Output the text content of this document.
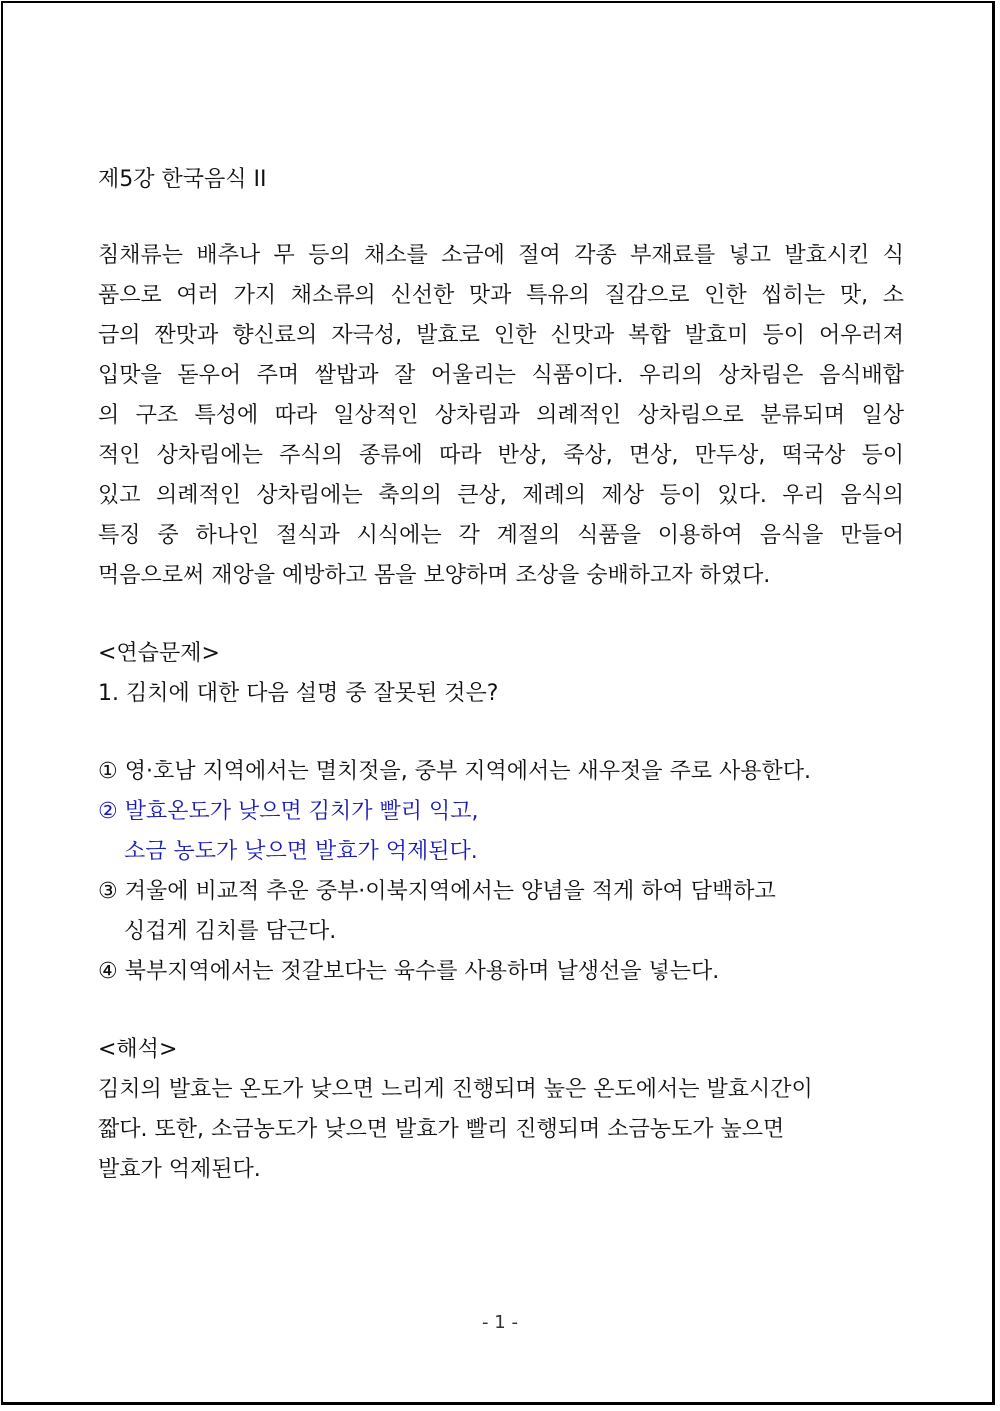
제5강 한국음식 II
침채류는 배추나 무 등의 채소를 소금에 절여 각종 부재료를 넣고 발효시킨 식
품으로 여러 가지 채소류의 신선한 맛과 특유의 질감으로 인한 씹히는 맛, 소
금의 짠맛과 향신료의 자극성, 발효로 인한 신맛과 복합 발효미 등이 어우러져
입맛을 돋우어 주며 쌀밥과 잘 어울리는 식품이다. 우리의 상차림은 음식배합
의 구조 특성에 따라 일상적인 상차림과 의례적인 상차림으로 분류되며 일상
적인 상차림에는 주식의 종류에 따라 반상, 죽상, 면상, 만두상, 떡국상 등이
있고 의례적인 상차림에는 축의의 큰상, 제례의 제상 등이 있다. 우리 음식의
특징 중 하나인 절식과 시식에는 각 계절의 식품을 이용하여 음식을 만들어
먹음으로써 재앙을 예방하고 몸을 보양하며 조상을 숭배하고자 하였다.
<연습문제>
1. 김치에 대한 다음 설명 중 잘못된 것은?
① 영·호남 지역에서는 멸치젓을, 중부 지역에서는 새우젓을 주로 사용한다.
② 발효온도가 낮으면 김치가 빨리 익고,
소금 농도가 낮으면 발효가 억제된다.
③ 겨울에 비교적 추운 중부·이북지역에서는 양념을 적게 하여 담백하고
싱겁게 김치를 담근다.
④ 북부지역에서는 젓갈보다는 육수를 사용하며 날생선을 넣는다.
<해석>
김치의 발효는 온도가 낮으면 느리게 진행되며 높은 온도에서는 발효시간이
짧다. 또한, 소금농도가 낮으면 발효가 빨리 진행되며 소금농도가 높으면
발효가 억제된다.
- 1 -
